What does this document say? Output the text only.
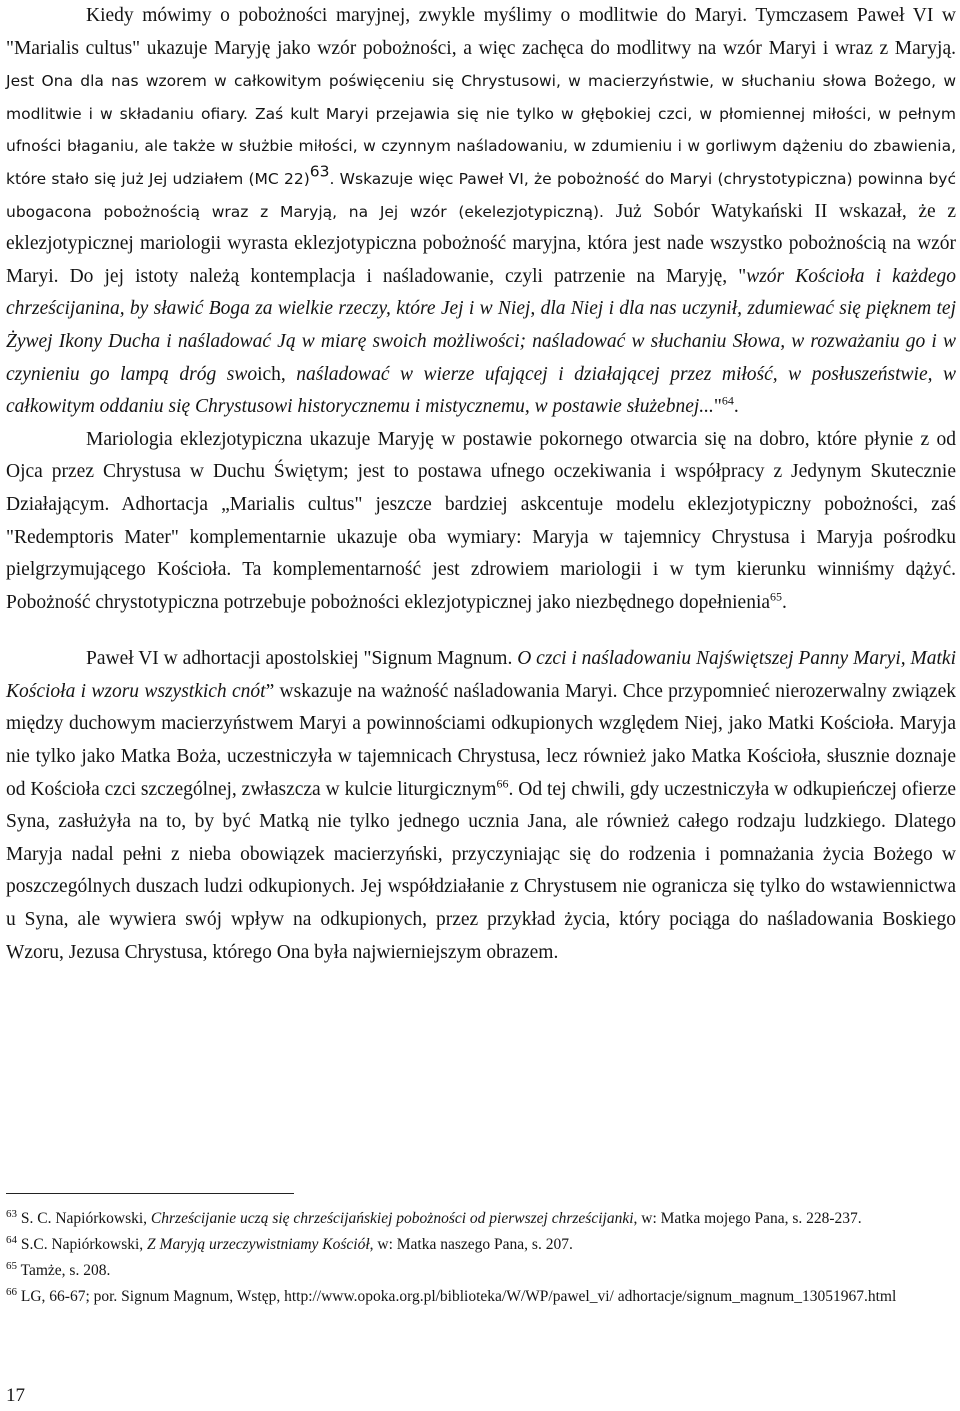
Kiedy mówimy o pobożności maryjnej, zwykle myślimy o modlitwie do Maryi. Tymczasem Paweł VI w "Marialis cultus" ukazuje Maryję jako wzór pobożności, a więc zachęca do modlitwy na wzór Maryi i wraz z Maryją. Jest Ona dla nas wzorem w całkowitym poświęceniu się Chrystusowi, w macierzyństwie, w słuchaniu słowa Bożego, w modlitwie i w składaniu ofiary. Zaś kult Maryi przejawia się nie tylko w głębokiej czci, w płomiennej miłości, w pełnym ufności błaganiu, ale także w służbie miłości, w czynnym naśladowaniu, w zdumieniu i w gorliwym dążeniu do zbawienia, które stało się już Jej udziałem (MC 22)$^{63}$. Wskazuje więc Paweł VI, że pobożność do Maryi (chrystotypiczna) powinna być ubogacona pobożnością wraz z Maryją, na Jej wzór (ekelezjotypiczną). Już Sobór Watykański II wskazał, że z eklezjotypicznej mariologii wyrasta eklezjotypiczna pobożność maryjna, która jest nade wszystko pobożnością na wzór Maryi. Do jej istoty należą kontemplacja i naśladowanie, czyli patrzenie na Maryję, "wzór Kościoła i każdego chrześcijanina, by sławić Boga za wielkie rzeczy, które Jej i w Niej, dla Niej i dla nas uczynił, zdumiewać się pięknem tej Żywej Ikony Ducha i naśladować Ją w miarę swoich możliwości; naśladować w słuchaniu Słowa, w rozważaniu go i w czynieniu go lampą dróg swoich, naśladować w wierze ufającej i działającej przez miłość, w posłuszeństwie, w całkowitym oddaniu się Chrystusowi historycznemu i mistycznemu, w postawie służebnej..."$^{64}$.

Mariologia eklezjotypiczna ukazuje Maryję w postawie pokornego otwarcia się na dobro, które płynie z od Ojca przez Chrystusa w Duchu Świętym; jest to postawa ufnego oczekiwania i współpracy z Jedynym Skutecznie Działającym. Adhortacja „Marialis cultus" jeszcze bardziej askcentuje modelu eklezjotypiczny pobożności, zaś "Redemptoris Mater" komplementarnie ukazuje oba wymiary: Maryja w tajemnicy Chrystusa i Maryja pośrodku pielgrzymującego Kościoła. Ta komplementarność jest zdrowiem mariologii i w tym kierunku winniśmy dążyć. Pobożność chrystotypiczna potrzebuje pobożności eklezjotypicznej jako niezbędnego dopełnienia$^{65}$.

Paweł VI w adhortacji apostolskiej "Signum Magnum. O czci i naśladowaniu Najświętszej Panny Maryi, Matki Kościoła i wzoru wszystkich cnót” wskazuje na ważność naśladowania Maryi. Chce przypomnieć nierozerwalny związek między duchowym macierzyństwem Maryi a powinnościami odkupionych względem Niej, jako Matki Kościoła. Maryja nie tylko jako Matka Boża, uczestniczyła w tajemnicach Chrystusa, lecz również jako Matka Kościoła, słusznie doznaje od Kościoła czci szczególnej, zwłaszcza w kulcie liturgicznym$^{66}$. Od tej chwili, gdy uczestniczyła w odkupieńczej ofierze Syna, zasłużyła na to, by być Matką nie tylko jednego ucznia Jana, ale również całego rodzaju ludzkiego. Dlatego Maryja nadal pełni z nieba obowiązek macierzyński, przyczyniając się do rodzenia i pomnażania życia Bożego w poszczególnych duszach ludzi odkupionych. Jej współdziałanie z Chrystusem nie ogranicza się tylko do wstawiennictwa u Syna, ale wywiera swój wpływ na odkupionych, przez przykład życia, który pociąga do naśladowania Boskiego Wzoru, Jezusa Chrystusa, którego Ona była najwierniejszym obrazem.

$^{63}$ S. C. Napiórkowski, Chrześcijanie uczą się chrześcijańskiej pobożności od pierwszej chrześcijanki, w: Matka mojego Pana, s. 228-237.

$^{64}$ S.C. Napiórkowski, Z Maryją urzeczywistniamy Kościół, w: Matka naszego Pana, s. 207.

$^{65}$ Tamże, s. 208.

$^{66}$ LG, 66-67; por. Signum Magnum, Wstęp, http://www.opoka.org.pl/biblioteka/W/WP/pawel_vi/ adhortacje/signum_magnum_13051967.html

17
